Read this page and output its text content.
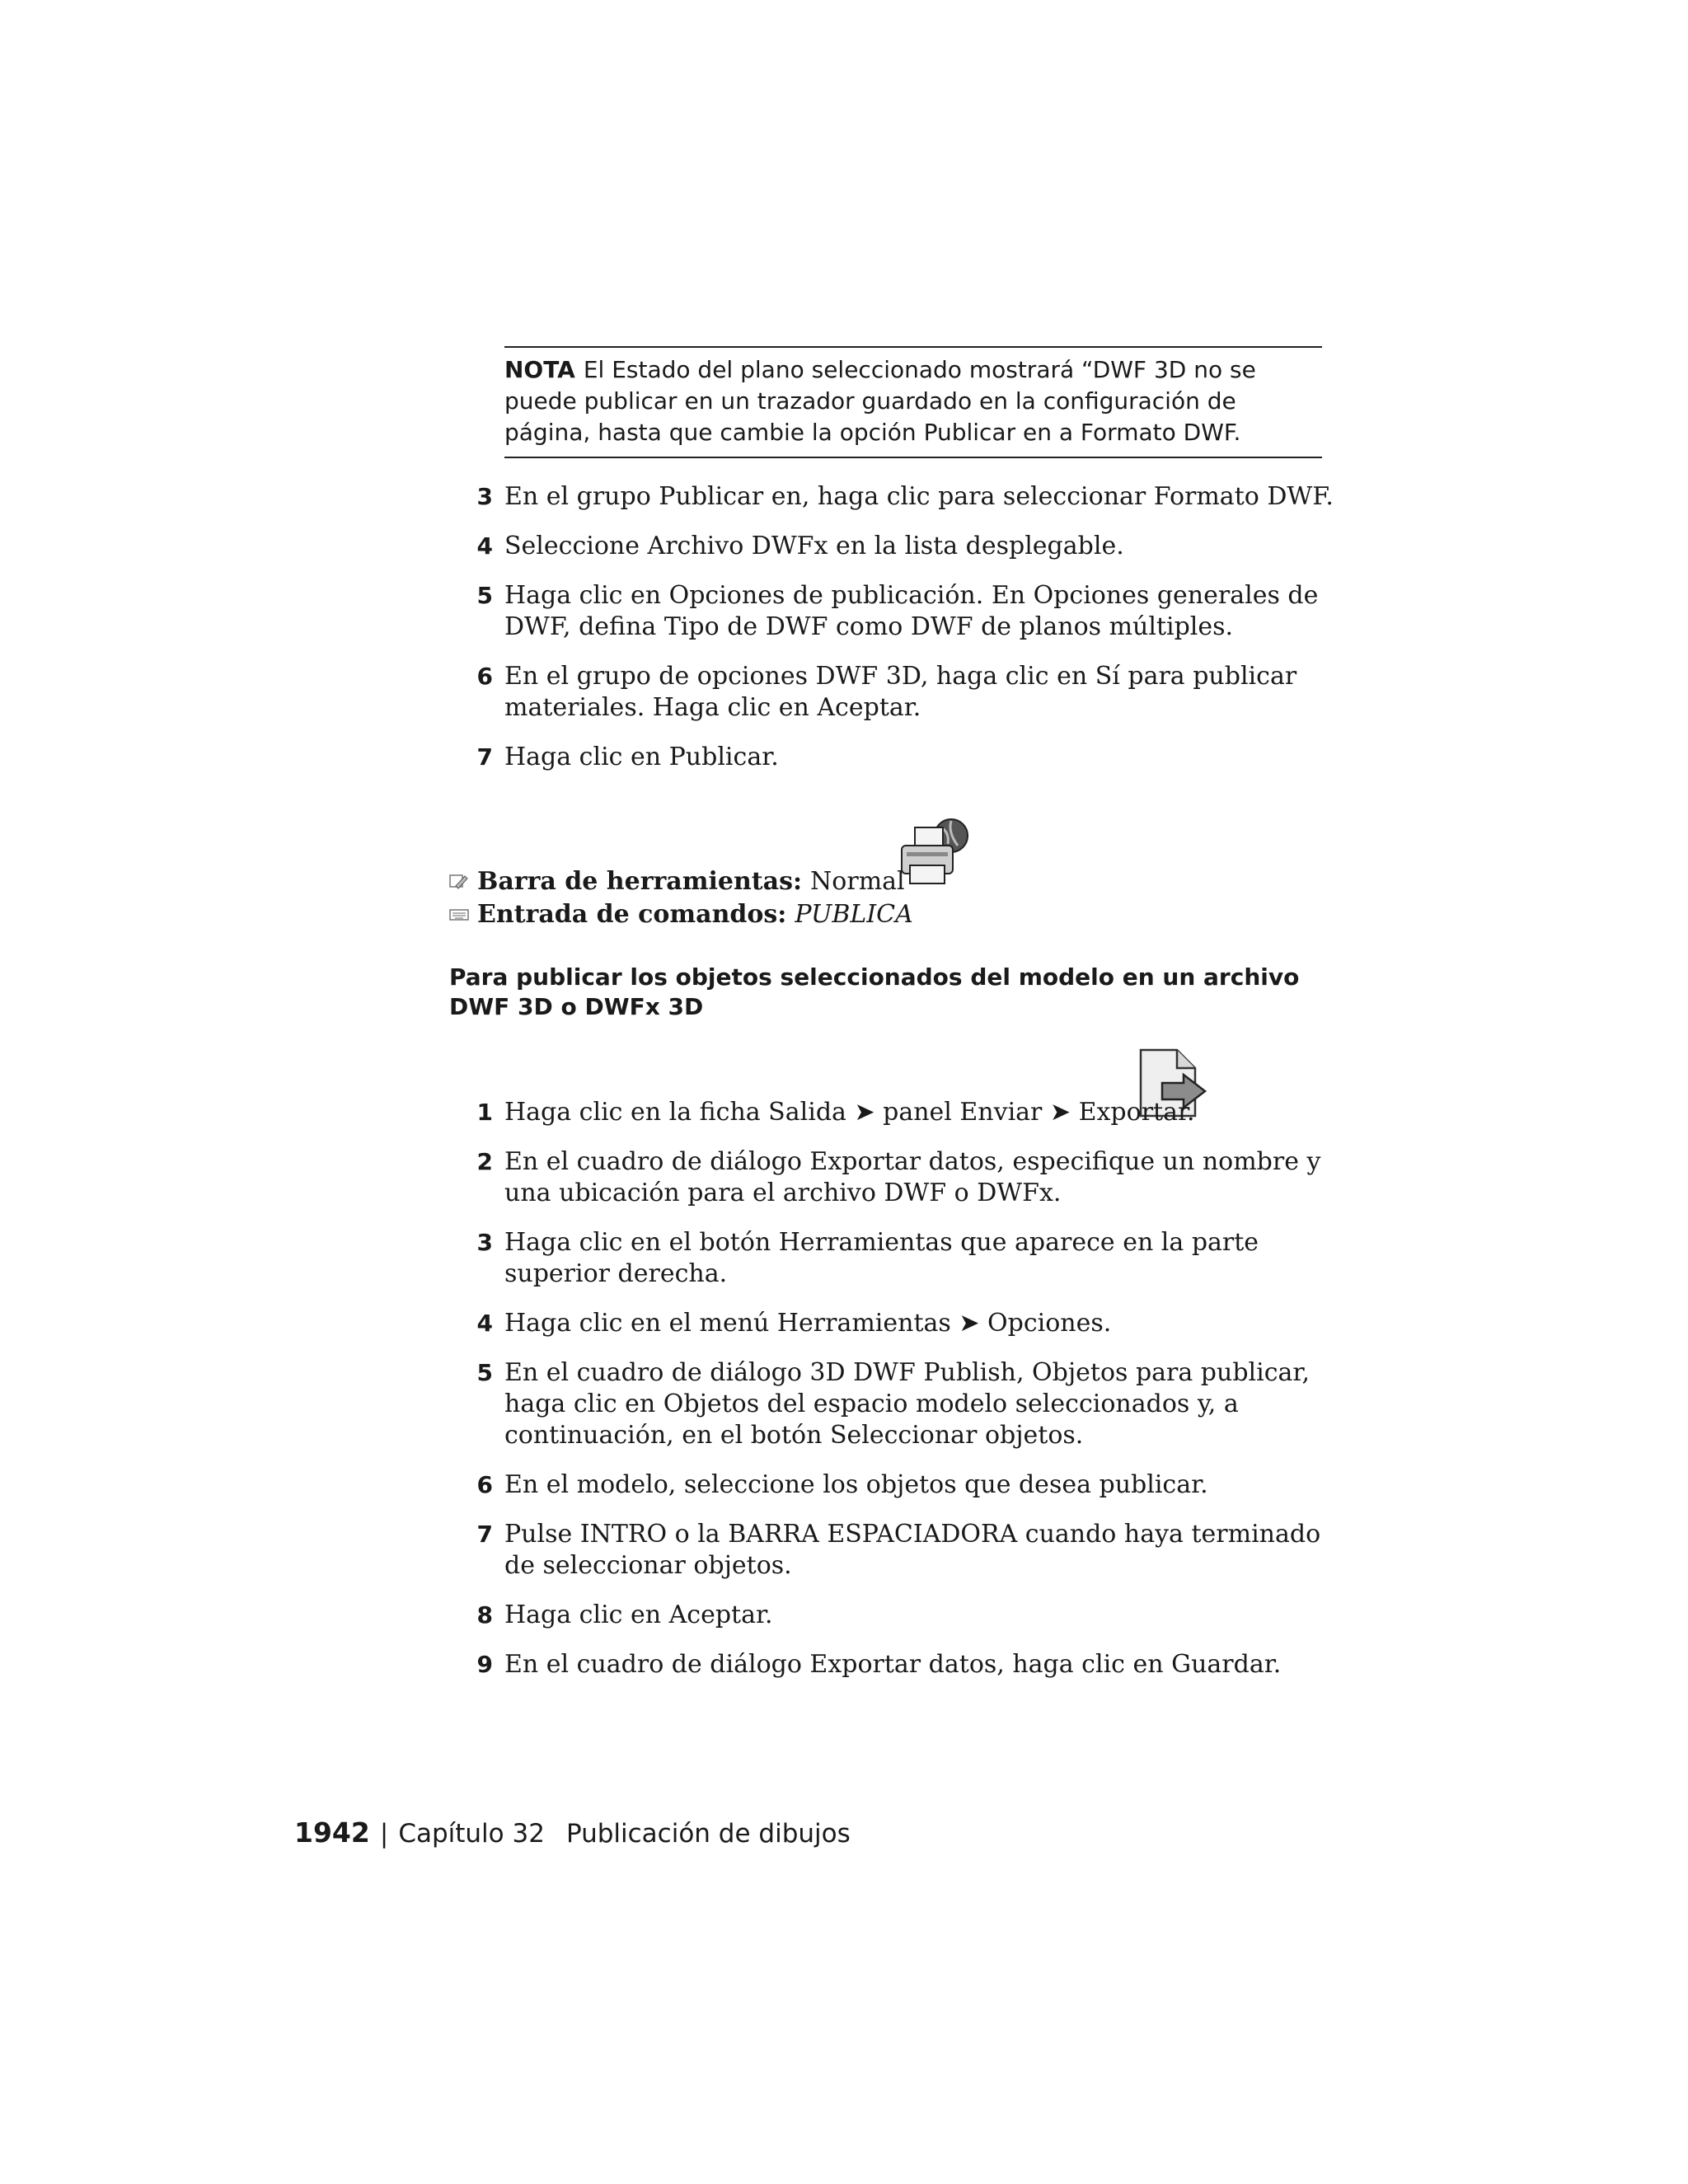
NOTA El Estado del plano seleccionado mostrará “DWF 3D no se puede publicar en un trazador guardado en la configuración de página, hasta que cambie la opción Publicar en a Formato DWF.
3 En el grupo Publicar en, haga clic para seleccionar Formato DWF.
4 Seleccione Archivo DWFx en la lista desplegable.
5 Haga clic en Opciones de publicación. En Opciones generales de DWF, defina Tipo de DWF como DWF de planos múltiples.
6 En el grupo de opciones DWF 3D, haga clic en Sí para publicar materiales. Haga clic en Aceptar.
7 Haga clic en Publicar.
Barra de herramientas: Normal
Entrada de comandos: PUBLICA
Para publicar los objetos seleccionados del modelo en un archivo DWF 3D o DWFx 3D
1 Haga clic en la ficha Salida ➤ panel Enviar ➤ Exportar.
2 En el cuadro de diálogo Exportar datos, especifique un nombre y una ubicación para el archivo DWF o DWFx.
3 Haga clic en el botón Herramientas que aparece en la parte superior derecha.
4 Haga clic en el menú Herramientas ➤ Opciones.
5 En el cuadro de diálogo 3D DWF Publish, Objetos para publicar, haga clic en Objetos del espacio modelo seleccionados y, a continuación, en el botón Seleccionar objetos.
6 En el modelo, seleccione los objetos que desea publicar.
7 Pulse INTRO o la BARRA ESPACIADORA cuando haya terminado de seleccionar objetos.
8 Haga clic en Aceptar.
9 En el cuadro de diálogo Exportar datos, haga clic en Guardar.
1942 | Capítulo 32 Publicación de dibujos
